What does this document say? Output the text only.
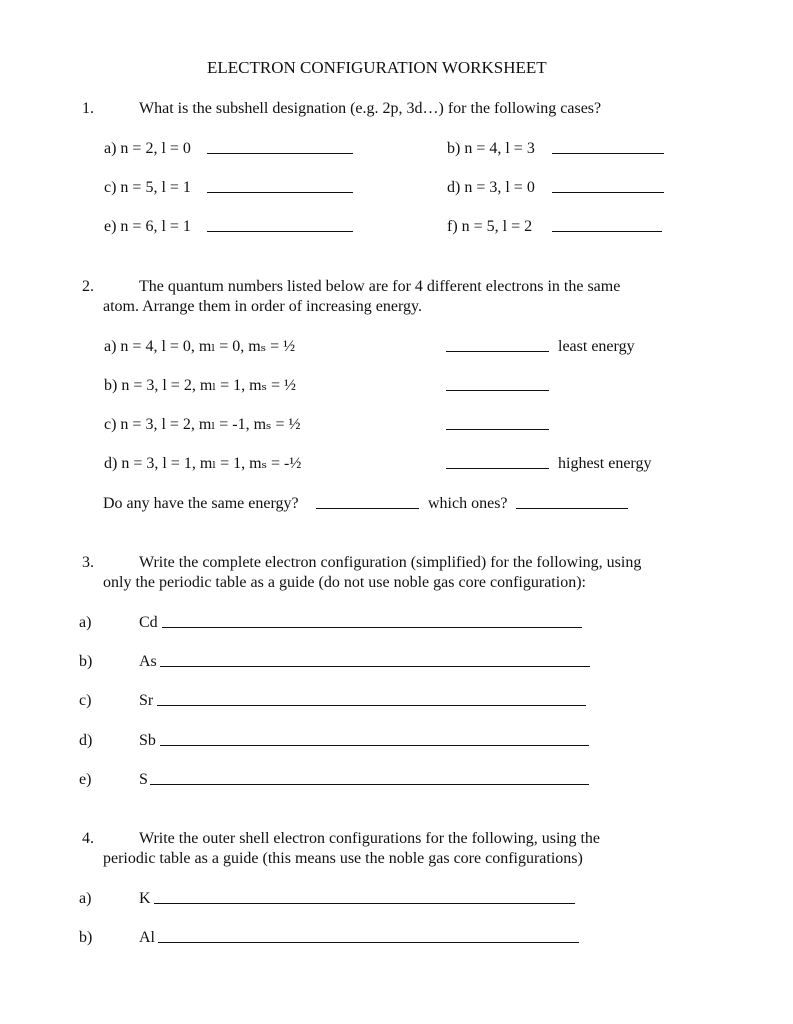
ELECTRON CONFIGURATION WORKSHEET
1.	What is the subshell designation (e.g. 2p, 3d…) for the following cases?
a) n = 2, l = 0	b) n = 4, l = 3
c) n = 5, l = 1	d) n = 3, l = 0
e) n = 6, l = 1	f) n = 5, l = 2
2.	The quantum numbers listed below are for 4 different electrons in the same
atom. Arrange them in order of increasing energy.
a) n = 4, l = 0, mₗ = 0, mₛ = ½	least energy
b) n = 3, l = 2, mₗ = 1, mₛ = ½
c) n = 3, l = 2, mₗ = -1, mₛ = ½
d) n = 3, l = 1, mₗ = 1, mₛ = -½	highest energy
Do any have the same energy?	which ones?
3.	Write the complete electron configuration (simplified) for the following, using
only the periodic table as a guide (do not use noble gas core configuration):
a)	Cd
b)	As
c)	Sr
d)	Sb
e)	S
4.	Write the outer shell electron configurations for the following, using the
periodic table as a guide (this means use the noble gas core configurations)
a)	K
b)	Al
